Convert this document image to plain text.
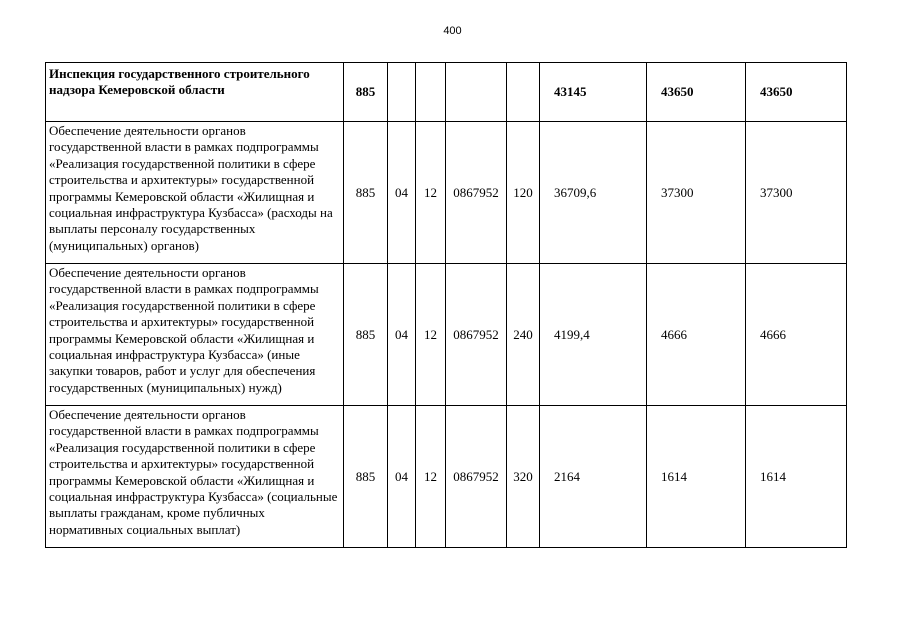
400
Инспекция государственного строительного надзора Кемеровской области	885					43145	43650	43650
Обеспечение деятельности органов государственной власти в рамках подпрограммы «Реализация государственной политики в сфере строительства и архитектуры» государственной программы Кемеровской области «Жилищная и социальная инфраструктура Кузбасса» (расходы на выплаты персоналу государственных (муниципальных) органов)	885	04	12	0867952	120	36709,6	37300	37300
Обеспечение деятельности органов государственной власти в рамках подпрограммы «Реализация государственной политики в сфере строительства и архитектуры» государственной программы Кемеровской области «Жилищная и социальная инфраструктура Кузбасса» (иные закупки товаров, работ и услуг для обеспечения государственных (муниципальных) нужд)	885	04	12	0867952	240	4199,4	4666	4666
Обеспечение деятельности органов государственной власти в рамках подпрограммы «Реализация государственной политики в сфере строительства и архитектуры» государственной программы Кемеровской области «Жилищная и социальная инфраструктура Кузбасса» (социальные выплаты гражданам, кроме публичных нормативных социальных выплат)	885	04	12	0867952	320	2164	1614	1614
